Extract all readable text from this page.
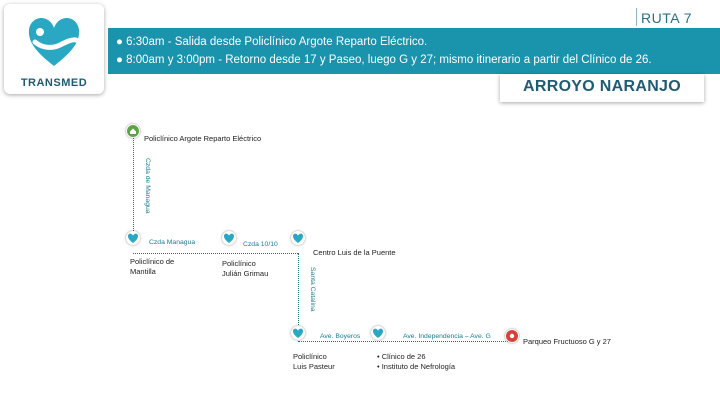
TRANSMED
RUTA 7
● 6:30am - Salida desde Policlínico Argote Reparto Eléctrico.
● 8:00am y 3:00pm - Retorno desde 17 y Paseo, luego G y 27; mismo itinerario a partir del Clínico de 26.
ARROYO NARANJO
Czda de Managua
Czda Managua	Czda 10/10
Santa Catalina
Ave. Boyeros	Ave. Independencia – Ave. G
Policlínico Argote Reparto Eléctrico
Policlínico de
Mantilla
Policlínico
Julián Grimau
Centro Luis de la Puente
Policlínico
Luis Pasteur
• Clínico de 26
• Instituto de Nefrología
Parqueo Fructuoso G y 27
